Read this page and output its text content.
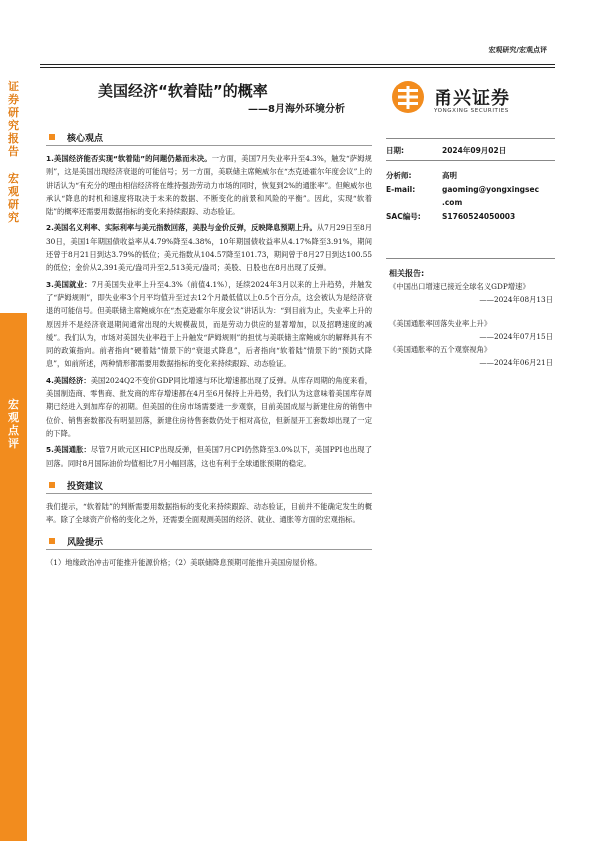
证券研究报告
宏观研究
宏观点评
宏观研究/宏观点评
美国经济“软着陆”的概率
——8月海外环境分析
甬兴证券
YONGXING SECURITIES
日期:	2024年09月02日
分析师:	高明
E-mail:	gaoming@yongxingsec
.com
SAC编号:	S1760524050003
相关报告:
《中国出口增速已接近全球名义GDP增速》
——2024年08月13日
《美国通胀率回落失业率上升》
——2024年07月15日
《美国通胀率的五个观察视角》
——2024年06月21日
核心观点

1.美国经济能否实现“软着陆”的问题仍悬而未决。一方面，美国7月失业率升至4.3%，触发“萨姆规则”，这是美国出现经济衰退的可能信号；另一方面，美联储主席鲍威尔在“杰克逊霍尔年度会议”上的讲话认为“有充分的理由相信经济将在维持强劲劳动力市场的同时，恢复到2%的通胀率”。但鲍威尔也承认“降息的时机和速度将取决于未来的数据、不断变化的前景和风险的平衡”。因此，实现“软着陆”的概率还需要用数据指标的变化来持续跟踪、动态验证。

2.美国名义利率、实际利率与美元指数回落，美股与金价反弹，反映降息预期上升。从7月29日至8月30日，美国1年期国债收益率从4.79%降至4.38%，10年期国债收益率从4.17%降至3.91%，期间还曾于8月21日到达3.79%的低位；美元指数从104.57降至101.73，期间曾于8月27日到达100.55的低位；金价从2,391美元/盎司升至2,513美元/盎司；美股、日股也在8月出现了反弹。

3.美国就业：7月美国失业率上升至4.3%（前值4.1%），延续2024年3月以来的上升趋势，并触发了“萨姆规则”，即失业率3个月平均值升至过去12个月最低值以上0.5个百分点，这会被认为是经济衰退的可能信号。但美联储主席鲍威尔在“杰克逊霍尔年度会议”讲话认为：“到目前为止，失业率上升的原因并不是经济衰退期间通常出现的大规模裁员，而是劳动力供应的显著增加，以及招聘速度的减缓”。我们认为，市场对美国失业率趋于上升触发“萨姆规则”的担忧与美联储主席鲍威尔的解释具有不同的政策指向。前者指向“硬着陆”情景下的“衰退式降息”，后者指向“软着陆”情景下的“预防式降息”，如前所述，两种情形都需要用数据指标的变化来持续跟踪、动态验证。

4.美国经济：美国2024Q2不变价GDP同比增速与环比增速都出现了反弹。从库存周期的角度来看，美国制造商、零售商、批发商的库存增速都在4月至6月保持上升趋势，我们认为这意味着美国库存周期已经进入到加库存的初期。但美国的住房市场需要进一步观察，目前美国成屋与新建住房的销售中位价、销售套数都没有明显回落，新建住房待售套数仍处于相对高位，但新屋开工套数却出现了一定的下降。

5.美国通胀：尽管7月欧元区HICP出现反弹，但美国7月CPI仍然降至3.0%以下，美国PPI也出现了回落。同时8月国际油价均值相比7月小幅回落，这也有利于全球通胀预期的稳定。

投资建议

我们提示，“软着陆”的判断需要用数据指标的变化来持续跟踪、动态验证，目前并不能确定发生的概率。除了全球资产价格的变化之外，还需要全面观测美国的经济、就业、通胀等方面的宏观指标。

风险提示

（1）地缘政治冲击可能推升能源价格；（2）美联储降息预期可能推升美国房屋价格。
